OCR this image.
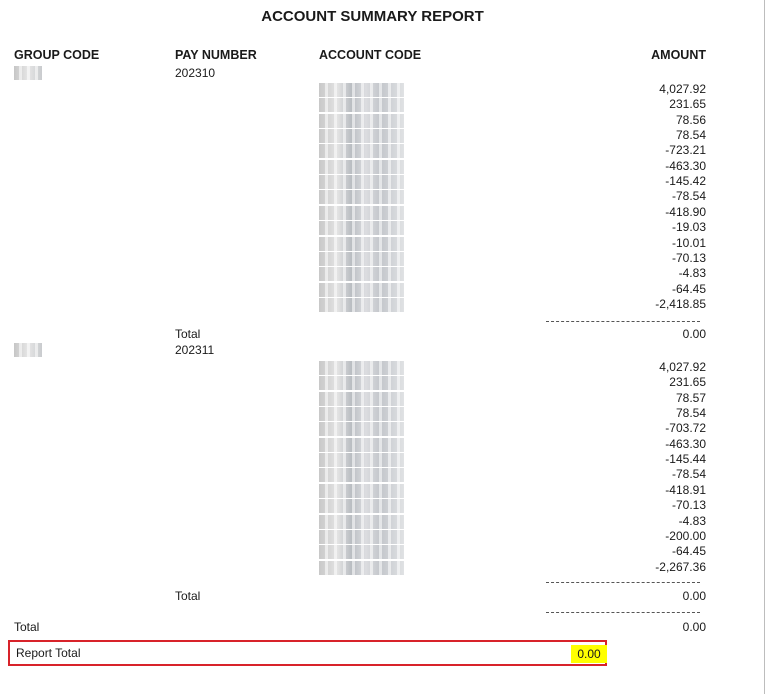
ACCOUNT SUMMARY REPORT
GROUP CODE	PAY NUMBER	ACCOUNT CODE	AMOUNT
202310
4,027.92
231.65
78.56
78.54
-723.21
-463.30
-145.42
-78.54
-418.90
-19.03
-10.01
-70.13
-4.83
-64.45
-2,418.85
Total	0.00
202311
4,027.92
231.65
78.57
78.54
-703.72
-463.30
-145.44
-78.54
-418.91
-70.13
-4.83
-200.00
-64.45
-2,267.36
Total	0.00
Total	0.00
Report Total	0.00
